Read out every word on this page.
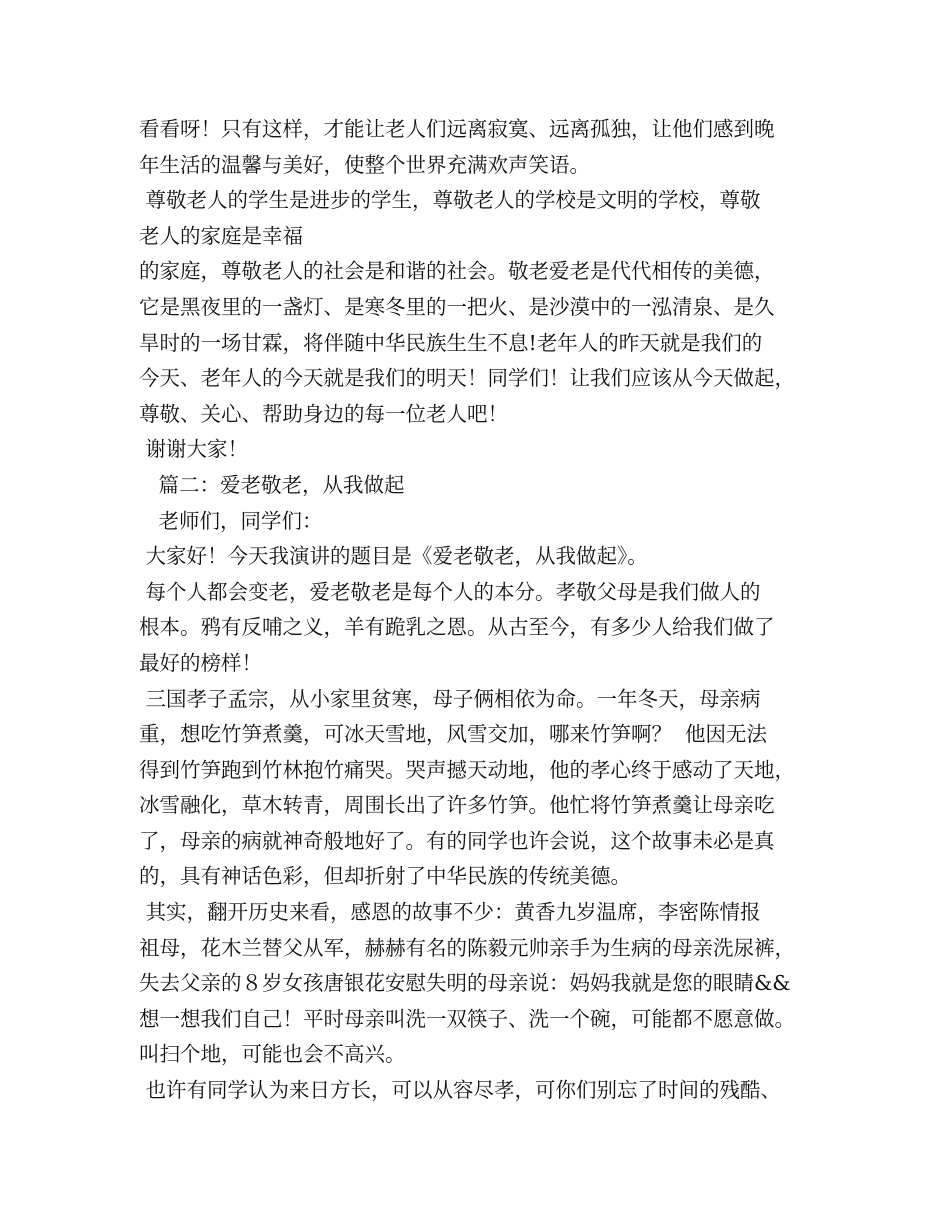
看看呀！只有这样，才能让老人们远离寂寞、远离孤独，让他们感到晚
年生活的温馨与美好，使整个世界充满欢声笑语。
尊敬老人的学生是进步的学生，尊敬老人的学校是文明的学校，尊敬
老人的家庭是幸福
的家庭，尊敬老人的社会是和谐的社会。敬老爱老是代代相传的美德，
它是黑夜里的一盏灯、是寒冬里的一把火、是沙漠中的一泓清泉、是久
旱时的一场甘霖，将伴随中华民族生生不息!老年人的昨天就是我们的
今天、老年人的今天就是我们的明天！同学们！让我们应该从今天做起，
尊敬、关心、帮助身边的每一位老人吧！
谢谢大家！
篇二：爱老敬老，从我做起
老师们，同学们：
大家好！今天我演讲的题目是《爱老敬老，从我做起》。
每个人都会变老，爱老敬老是每个人的本分。孝敬父母是我们做人的
根本。鸦有反哺之义，羊有跪乳之恩。从古至今，有多少人给我们做了
最好的榜样！
三国孝子孟宗，从小家里贫寒，母子俩相依为命。一年冬天，母亲病
重，想吃竹笋煮羹，可冰天雪地，风雪交加，哪来竹笋啊？  他因无法
得到竹笋跑到竹林抱竹痛哭。哭声撼天动地，他的孝心终于感动了天地，
冰雪融化，草木转青，周围长出了许多竹笋。他忙将竹笋煮羹让母亲吃
了，母亲的病就神奇般地好了。有的同学也许会说，这个故事未必是真
的，具有神话色彩，但却折射了中华民族的传统美德。
其实，翻开历史来看，感恩的故事不少：黄香九岁温席，李密陈情报
祖母，花木兰替父从军，赫赫有名的陈毅元帅亲手为生病的母亲洗尿裤，
失去父亲的８岁女孩唐银花安慰失明的母亲说：妈妈我就是您的眼睛&&
想一想我们自己！平时母亲叫洗一双筷子、洗一个碗，可能都不愿意做。
叫扫个地，可能也会不高兴。
也许有同学认为来日方长，可以从容尽孝，可你们别忘了时间的残酷、
